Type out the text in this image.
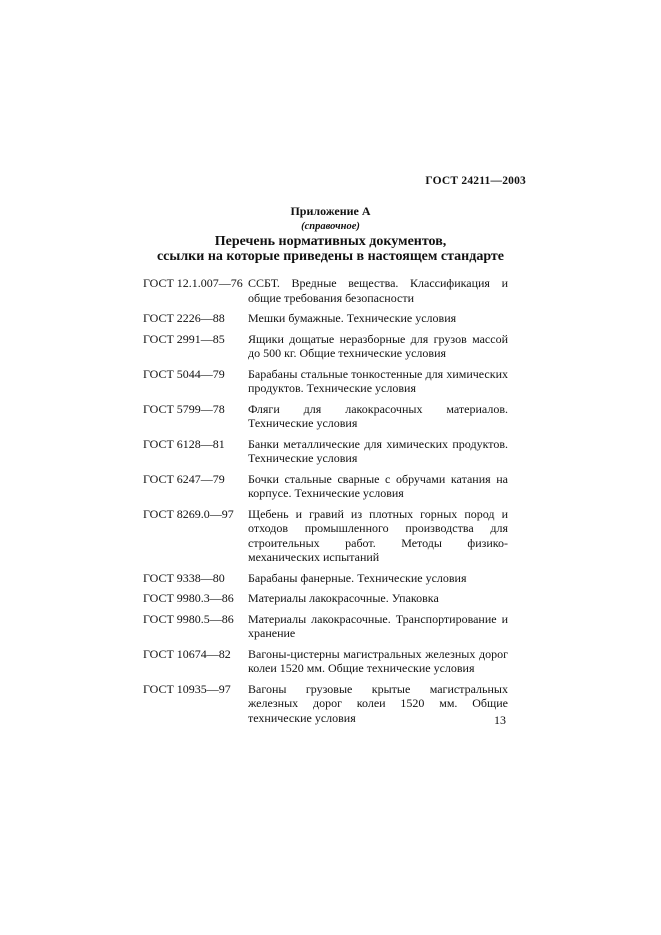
ГОСТ 24211—2003
Приложение А
(справочное)
Перечень нормативных документов,
ссылки на которые приведены в настоящем стандарте
ГОСТ 12.1.007—76 ССБТ. Вредные вещества. Классификация и общие требования безопасности
ГОСТ 2226—88	Мешки бумажные. Технические условия
ГОСТ 2991—85	Ящики дощатые неразборные для грузов массой до 500 кг. Общие технические условия
ГОСТ 5044—79	Барабаны стальные тонкостенные для химических продуктов. Технические условия
ГОСТ 5799—78	Фляги для лакокрасочных материалов. Технические условия
ГОСТ 6128—81	Банки металлические для химических продуктов. Технические условия
ГОСТ 6247—79	Бочки стальные сварные с обручами катания на корпусе. Технические условия
ГОСТ 8269.0—97	Щебень и гравий из плотных горных пород и отходов промышленного производства для строительных работ. Методы физико-механических испытаний
ГОСТ 9338—80	Барабаны фанерные. Технические условия
ГОСТ 9980.3—86	Материалы лакокрасочные. Упаковка
ГОСТ 9980.5—86	Материалы лакокрасочные. Транспортирование и хранение
ГОСТ 10674—82	Вагоны-цистерны магистральных железных дорог колеи 1520 мм. Общие технические условия
ГОСТ 10935—97	Вагоны грузовые крытые магистральных железных дорог колеи 1520 мм. Общие технические условия	13
